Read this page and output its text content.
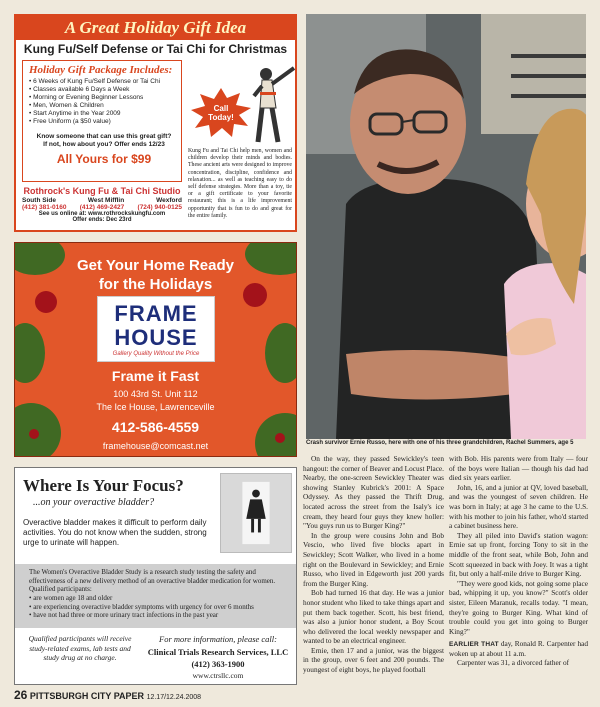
A Great Holiday Gift Idea
Kung Fu/Self Defense or Tai Chi for Christmas
Holiday Gift Package Includes:
• 6 Weeks of Kung Fu/Self Defense or Tai Chi
• Classes available 6 Days a Week
• Morning or Evening Beginner Lessons
• Men, Women & Children
• Start Anytime in the Year 2009
• Free Uniform (a $50 value)
Know someone that can use this great gift?
If not, how about you? Offer ends 12/23
All Yours for $99
Call
Today!
Kung Fu and Tai Chi help men, women and children develop their minds and bodies. These ancient arts were designed to improve concentration, discipline, confidence and relaxation... as well as teaching easy to do self defense strategies. More than a toy, tie or a gift certificate to your favorite restaurant; this is a life improvement opportunity that is fun to do and great for the entire family.
Rothrock's Kung Fu & Tai Chi Studio
South Side	West Mifflin	Wexford
(412) 381-0160 (412) 469-2427 (724) 940-0125
See us online at: www.rothrockskungfu.com
Offer ends: Dec 23rd
Get Your Home Ready
for the Holidays
FRAME
HOUSE
Gallery Quality Without the Price
Frame it Fast
100 43rd St. Unit 112
The Ice House, Lawrenceville
412-586-4559
framehouse@comcast.net
Where Is Your Focus?
...on your overactive bladder?
Overactive bladder makes it difficult to perform daily activities. You do not know when the sudden, strong urge to urinate will happen.
The Women's Overactive Bladder Study is a research study testing the safety and effectiveness of a new delivery method of an overactive bladder medication for women. Qualified participants:
• are women age 18 and older
• are experiencing overactive bladder symptoms with urgency for over 6 months
• have not had three or more urinary tract infections in the past year
Qualified participants will receive study-related exams, lab tests and study drug at no charge.
For more information, please call:
Clinical Trials Research Services, LLC
(412) 363-1900
www.ctrsllc.com
Crash survivor Ernie Russo, here with one of his three grandchildren, Rachel Summers, age 5

On the way, they passed Sewickley's teen hangout: the corner of Beaver and Locust Place. Nearby, the one-screen Sewickley Theater was showing Stanley Kubrick's 2001: A Space Odyssey. As they passed the Thrift Drug, located across the street from the Isaly's ice cream, they heard four guys they knew holler: "You guys run us to Burger King?"

In the group were cousins John and Bob Vescio, who lived five blocks apart in Sewickley; Scott Walker, who lived in a home right on the Boulevard in Sewickley; and Ernie Russo, who lived in Edgeworth just 200 yards from the Burger King.

Bob had turned 16 that day. He was a junior honor student who liked to take things apart and put them back together. Scott, his best friend, was also a junior honor student, a Boy Scout who delivered the local weekly newspaper and wanted to be an electrical engineer.

Ernie, then 17 and a junior, was the biggest in the group, over 6 feet and 200 pounds. The youngest of eight boys, he played football

with Bob. His parents were from Italy — four of the boys were Italian — though his dad had died six years earlier.

John, 16, and a junior at QV, loved baseball, and was the youngest of seven children. He was born in Italy; at age 3 he came to the U.S. with his mother to join his father, who'd started a cabinet business here.

They all piled into David's station wagon: Ernie sat up front, forcing Tony to sit in the middle of the front seat, while Bob, John and Scott squeezed in back with Joey. It was a tight fit, but only a half-mile drive to Burger King.

"They were good kids, not going some place bad, whipping it up, you know?" Scott's older sister, Eileen Maranuk, recalls today. "I mean, they're going to Burger King. What kind of trouble could you get into going to Burger King?"

EARLIER THAT day, Ronald R. Carpenter had woken up at about 11 a.m.

Carpenter was 31, a divorced father of

26 PITTSBURGH CITY PAPER 12.17/12.24.2008
